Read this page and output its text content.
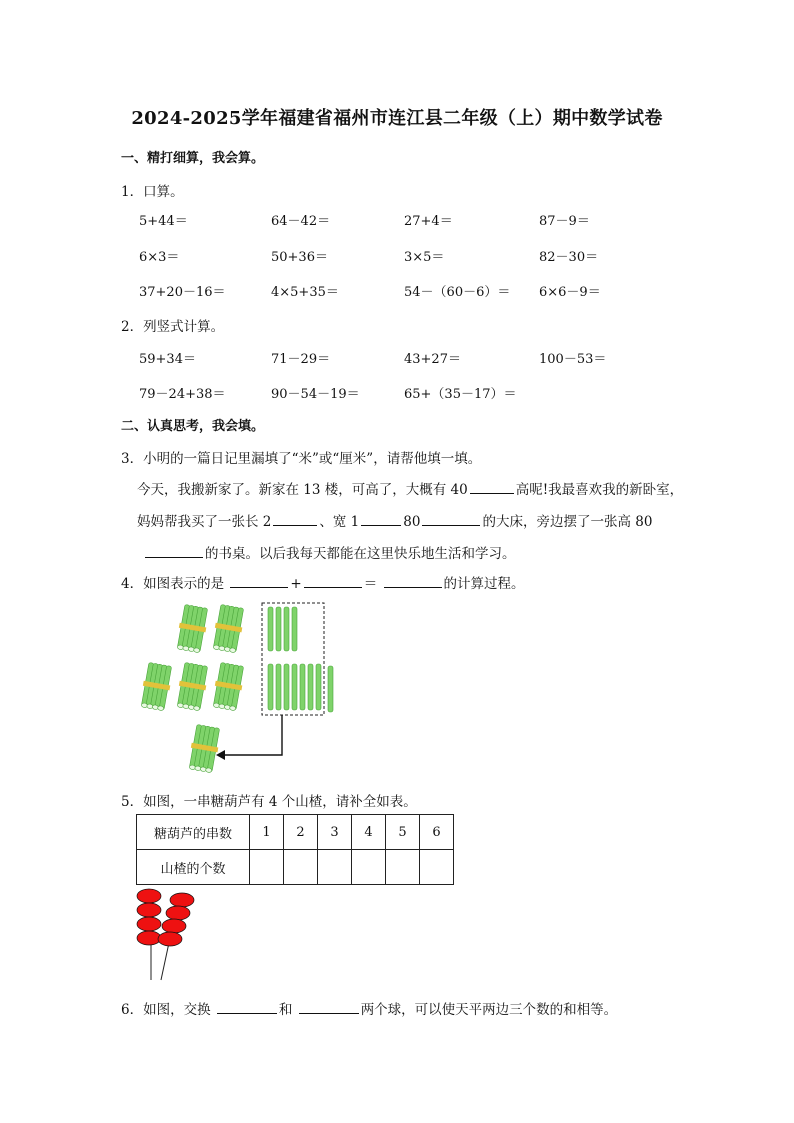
2024-2025学年福建省福州市连江县二年级（上）期中数学试卷
一、精打细算，我会算。
1．口算。
5+44＝	64－42＝	27+4＝	87－9＝
6×3＝	50+36＝	3×5＝	82－30＝
37+20－16＝	4×5+35＝	54－（60－6）＝ 6×6－9＝
2．列竖式计算。
59+34＝	71－29＝	43+27＝	100－53＝
79－24+38＝	90－54－19＝	65+（35－17）＝
二、认真思考，我会填。
3．小明的一篇日记里漏填了“米”或“厘米”，请帮他填一填。
今天，我搬新家了。新家在 13 楼，可高了，大概有 40	高呢!我最喜欢我的新卧室，
妈妈帮我买了一张长 2	、宽 1	80	的大床，旁边摆了一张高 80
的书桌。以后我每天都能在这里快乐地生活和学习。
4．如图表示的是	+	＝	的计算过程。
5．如图，一串糖葫芦有 4 个山楂，请补全如表。
糖葫芦的串数	1	2	3	4	5	6
山楂的个数						
6．如图，交换	和	两个球，可以使天平两边三个数的和相等。
